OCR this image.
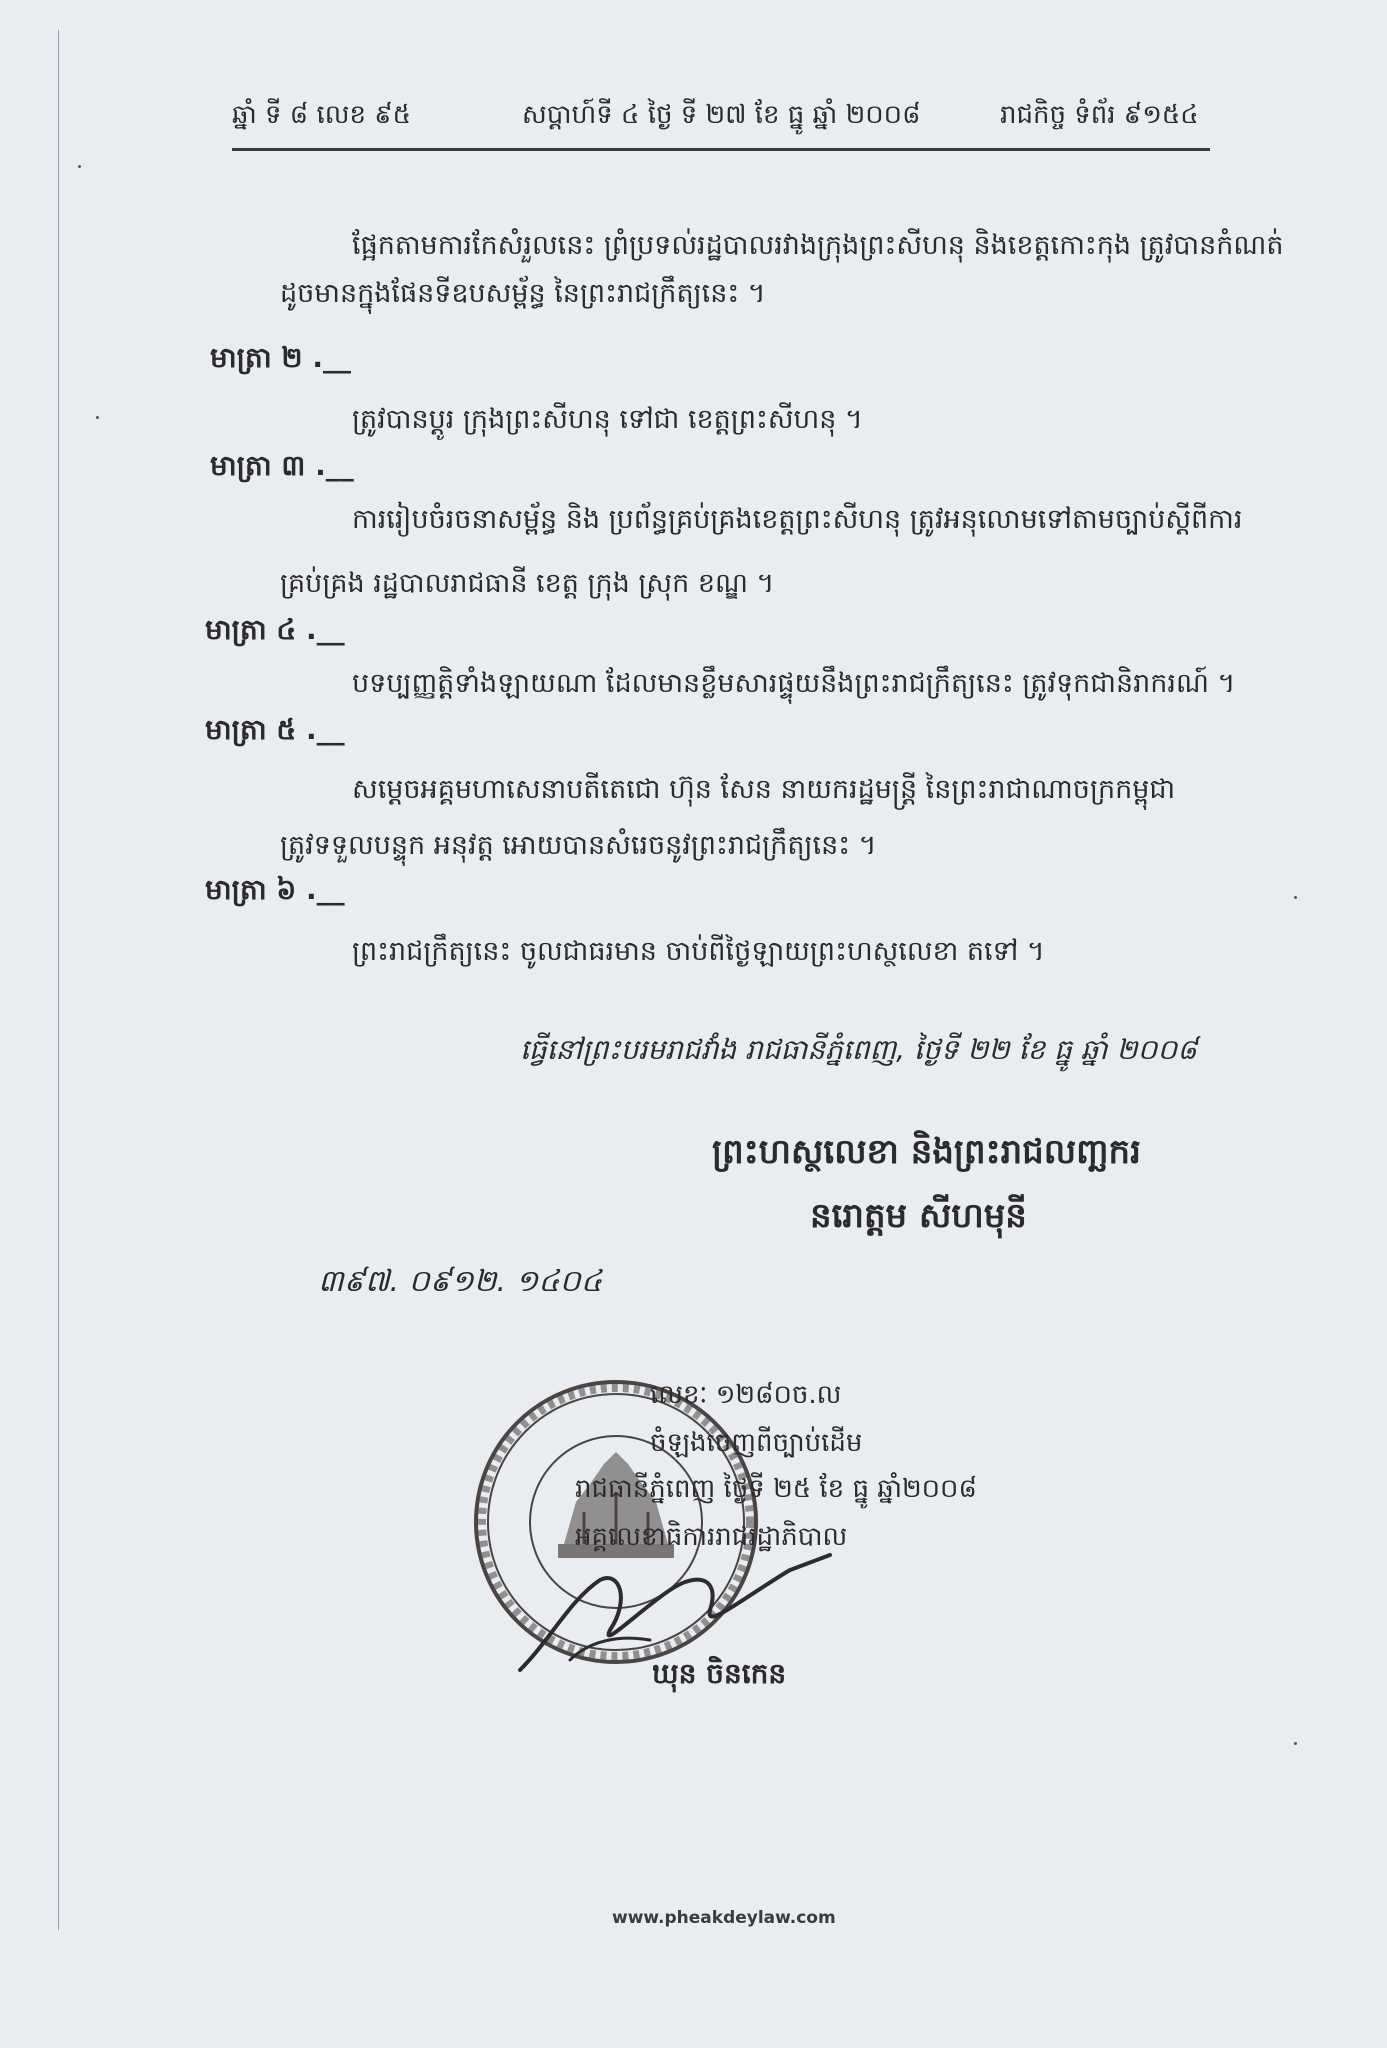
ឆ្នាំ ទី ៨ លេខ ៩៥	សប្តាហ៍ទី ៤ ថ្ងៃ ទី ២៧ ខែ ធ្នូ ឆ្នាំ ២០០៨	រាជកិច្ច ទំព័រ ៩១៥៤
ផ្អែកតាមការកែសំរួលនេះ ព្រំប្រទល់រដ្ឋបាលរវាងក្រុងព្រះសីហនុ និងខេត្តកោះកុង ត្រូវបានកំណត់
ដូចមានក្នុងផែនទីឧបសម្ព័ន្ធ នៃព្រះរាជក្រឹត្យនេះ ។
មាត្រា ២ .__
ត្រូវបានប្តូរ ក្រុងព្រះសីហនុ ទៅជា ខេត្តព្រះសីហនុ ។
មាត្រា ៣ .__
ការរៀបចំរចនាសម្ព័ន្ធ និង ប្រព័ន្ធគ្រប់គ្រងខេត្តព្រះសីហនុ ត្រូវអនុលោមទៅតាមច្បាប់ស្តីពីការ
គ្រប់គ្រង រដ្ឋបាលរាជធានី ខេត្ត ក្រុង ស្រុក ខណ្ឌ ។
មាត្រា ៤ .__
បទប្បញ្ញត្តិទាំងឡាយណា ដែលមានខ្លឹមសារផ្ទុយនឹងព្រះរាជក្រឹត្យនេះ ត្រូវទុកជានិរាករណ៍ ។
មាត្រា ៥ .__
សម្តេចអគ្គមហាសេនាបតីតេជោ ហ៊ុន សែន នាយករដ្ឋមន្ត្រី នៃព្រះរាជាណាចក្រកម្ពុជា
ត្រូវទទួលបន្ទុក អនុវត្ត អោយបានសំរេចនូវព្រះរាជក្រឹត្យនេះ ។
មាត្រា ៦ .__
ព្រះរាជក្រឹត្យនេះ ចូលជាធរមាន ចាប់ពីថ្ងៃឡាយព្រះហស្ថលេខា តទៅ ។
ធ្វើនៅព្រះបរមរាជវាំង រាជធានីភ្នំពេញ, ថ្ងៃទី ២២ ខែ ធ្នូ ឆ្នាំ ២០០៨
ព្រះហស្ថលេខា និងព្រះរាជលញ្ឆករ
នរោត្តម សីហមុនី
៣៩៧. ០៩១២. ១៤០៤
លេខៈ ១២៨០ច.ល
ចំឡងចេញពីច្បាប់ដើម
រាជធានីភ្នំពេញ ថ្ងៃទី ២៥ ខែ ធ្នូ ឆ្នាំ២០០៨
អគ្គលេខាធិការរាជរដ្ឋាភិបាល
ឃុន ចិនកេន
www.pheakdeylaw.com
